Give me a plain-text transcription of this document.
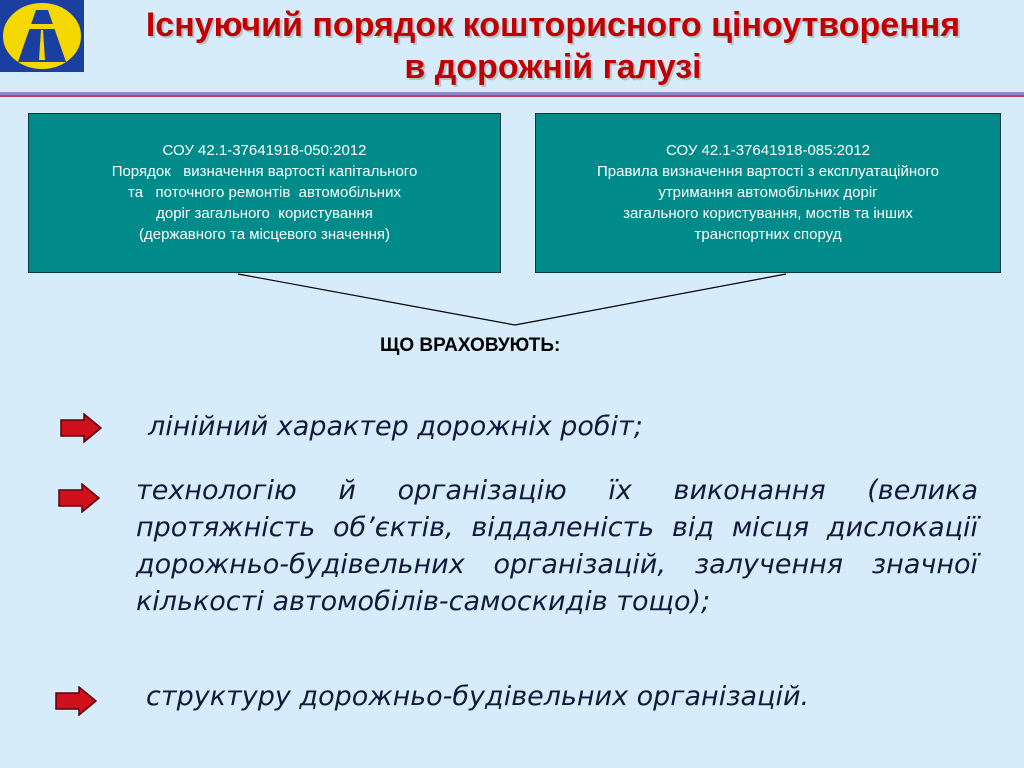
Існуючий порядок кошторисного ціноутворення
в дорожній галузі
СОУ 42.1-37641918-050:2012
Порядок   визначення вартості капітального
та   поточного ремонтів  автомобільних
доріг загального  користування
(державного та місцевого значення)
СОУ 42.1-37641918-085:2012
Правила визначення вартості з експлуатаційного
утримання автомобільних доріг
загального користування, мостів та інших
транспортних споруд
ЩО ВРАХОВУЮТЬ:
лінійний характер дорожніх робіт;
технологію й організацію їх виконання (велика протяжність об’єктів, віддаленість від місця дислокації дорожньо-будівельних організацій, залучення значної кількості автомобілів-самоскидів тощо);
структуру дорожньо-будівельних організацій.
